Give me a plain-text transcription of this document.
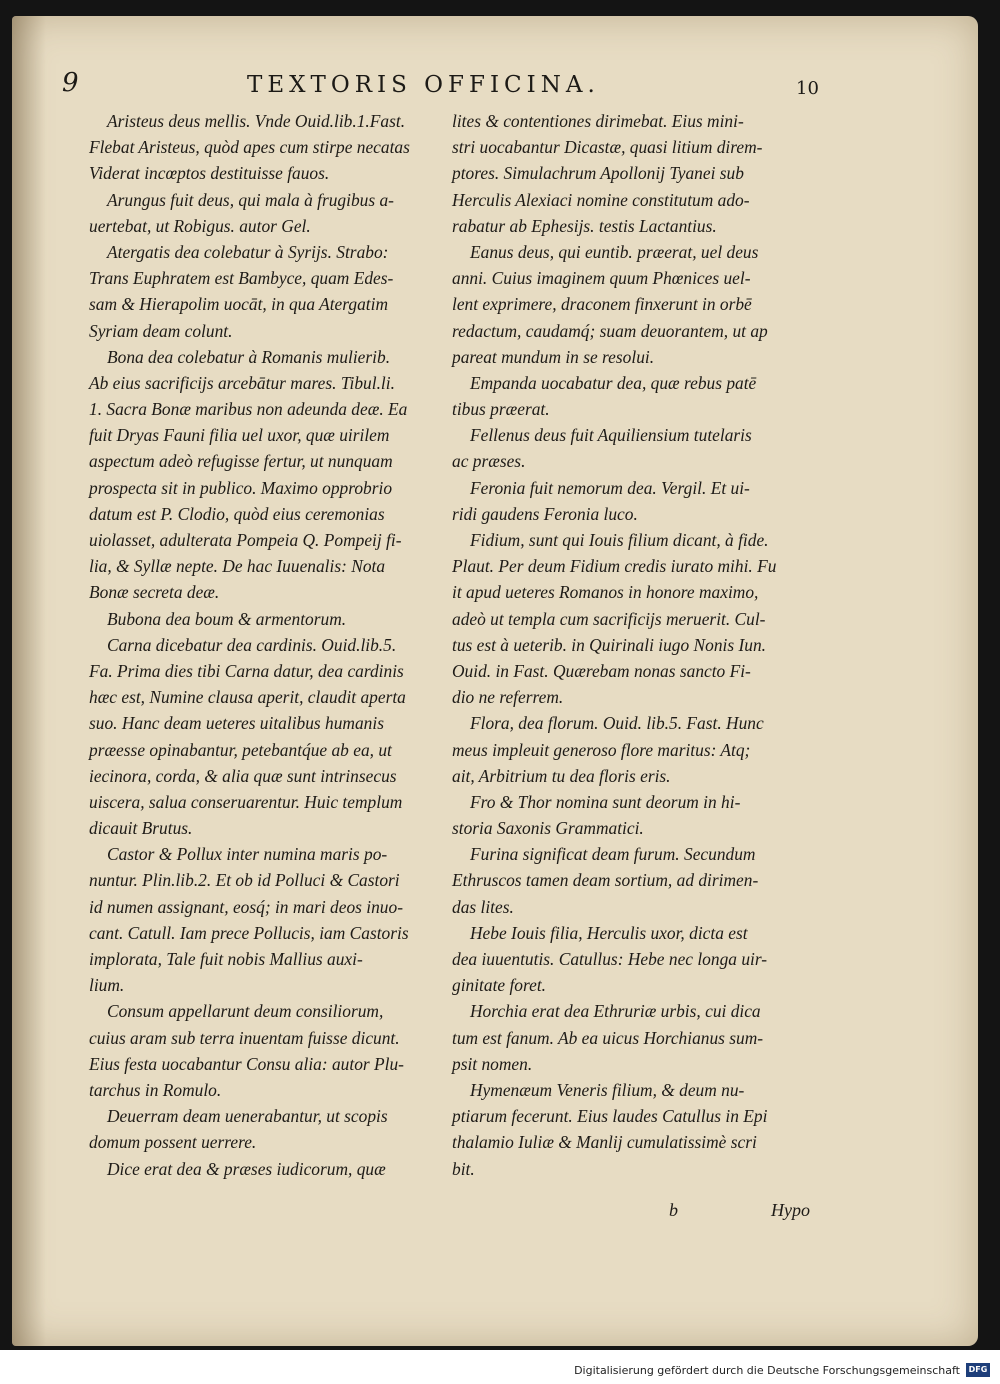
9	TEXTORIS OFFICINA.	10
Aristeus deus mellis. Vnde Ouid.lib.1.Fast.
Flebat Aristeus, quòd apes cum stirpe necatas
Viderat incœptos destituisse fauos.
Arungus fuit deus, qui mala à frugibus a-
uertebat, ut Robigus. autor Gel.
Atergatis dea colebatur à Syrijs. Strabo:
Trans Euphratem est Bambyce, quam Edes-
sam & Hierapolim uocāt, in qua Atergatim
Syriam deam colunt.
Bona dea colebatur à Romanis mulierib.
Ab eius sacrificijs arcebātur mares. Tibul.li.
1. Sacra Bonæ maribus non adeunda deæ. Ea
fuit Dryas Fauni filia uel uxor, quæ uirilem
aspectum adeò refugisse fertur, ut nunquam
prospecta sit in publico. Maximo opprobrio
datum est P. Clodio, quòd eius ceremonias
uiolasset, adulterata Pompeia Q. Pompeij fi-
lia, & Syllæ nepte. De hac Iuuenalis: Nota
Bonæ secreta deæ.
Bubona dea boum & armentorum.
Carna dicebatur dea cardinis. Ouid.lib.5.
Fa. Prima dies tibi Carna datur, dea cardinis
hæc est, Numine clausa aperit, claudit aperta
suo. Hanc deam ueteres uitalibus humanis
præesse opinabantur, petebantq́ue ab ea, ut
iecinora, corda, & alia quæ sunt intrinsecus
uiscera, salua conseruarentur. Huic templum
dicauit Brutus.
Castor & Pollux inter numina maris po-
nuntur. Plin.lib.2. Et ob id Polluci & Castori
id numen assignant, eosq́; in mari deos inuo-
cant. Catull. Iam prece Pollucis, iam Castoris
implorata, Tale fuit nobis Mallius auxi-
lium.
Consum appellarunt deum consiliorum,
cuius aram sub terra inuentam fuisse dicunt.
Eius festa uocabantur Consu alia: autor Plu-
tarchus in Romulo.
Deuerram deam uenerabantur, ut scopis
domum possent uerrere.
Dice erat dea & præses iudicorum, quæ
lites & contentiones dirimebat. Eius mini-
stri uocabantur Dicastæ, quasi litium direm-
ptores. Simulachrum Apollonij Tyanei sub
Herculis Alexiaci nomine constitutum ado-
rabatur ab Ephesijs. testis Lactantius.
Eanus deus, qui euntib. præerat, uel deus
anni. Cuius imaginem quum Phœnices uel-
lent exprimere, draconem finxerunt in orbē
redactum, caudamq́; suam deuorantem, ut ap
pareat mundum in se resolui.
Empanda uocabatur dea, quæ rebus patē
tibus præerat.
Fellenus deus fuit Aquiliensium tutelaris
ac præses.
Feronia fuit nemorum dea. Vergil. Et ui-
ridi gaudens Feronia luco.
Fidium, sunt qui Iouis filium dicant, à fide.
Plaut. Per deum Fidium credis iurato mihi. Fu
it apud ueteres Romanos in honore maximo,
adeò ut templa cum sacrificijs meruerit. Cul-
tus est à ueterib. in Quirinali iugo Nonis Iun.
Ouid. in Fast. Quærebam nonas sancto Fi-
dio ne referrem.
Flora, dea florum. Ouid. lib.5. Fast. Hunc
meus impleuit generoso flore maritus: Atq;
ait, Arbitrium tu dea floris eris.
Fro & Thor nomina sunt deorum in hi-
storia Saxonis Grammatici.
Furina significat deam furum. Secundum
Ethruscos tamen deam sortium, ad dirimen-
das lites.
Hebe Iouis filia, Herculis uxor, dicta est
dea iuuentutis. Catullus: Hebe nec longa uir-
ginitate foret.
Horchia erat dea Ethruriæ urbis, cui dica
tum est fanum. Ab ea uicus Horchianus sum-
psit nomen.
Hymenæum Veneris filium, & deum nu-
ptiarum fecerunt. Eius laudes Catullus in Epi
thalamio Iuliæ & Manlij cumulatissimè scri
bit.
b	Hypo
Digitalisierung gefördert durch die Deutsche Forschungsgemeinschaft	DFG
